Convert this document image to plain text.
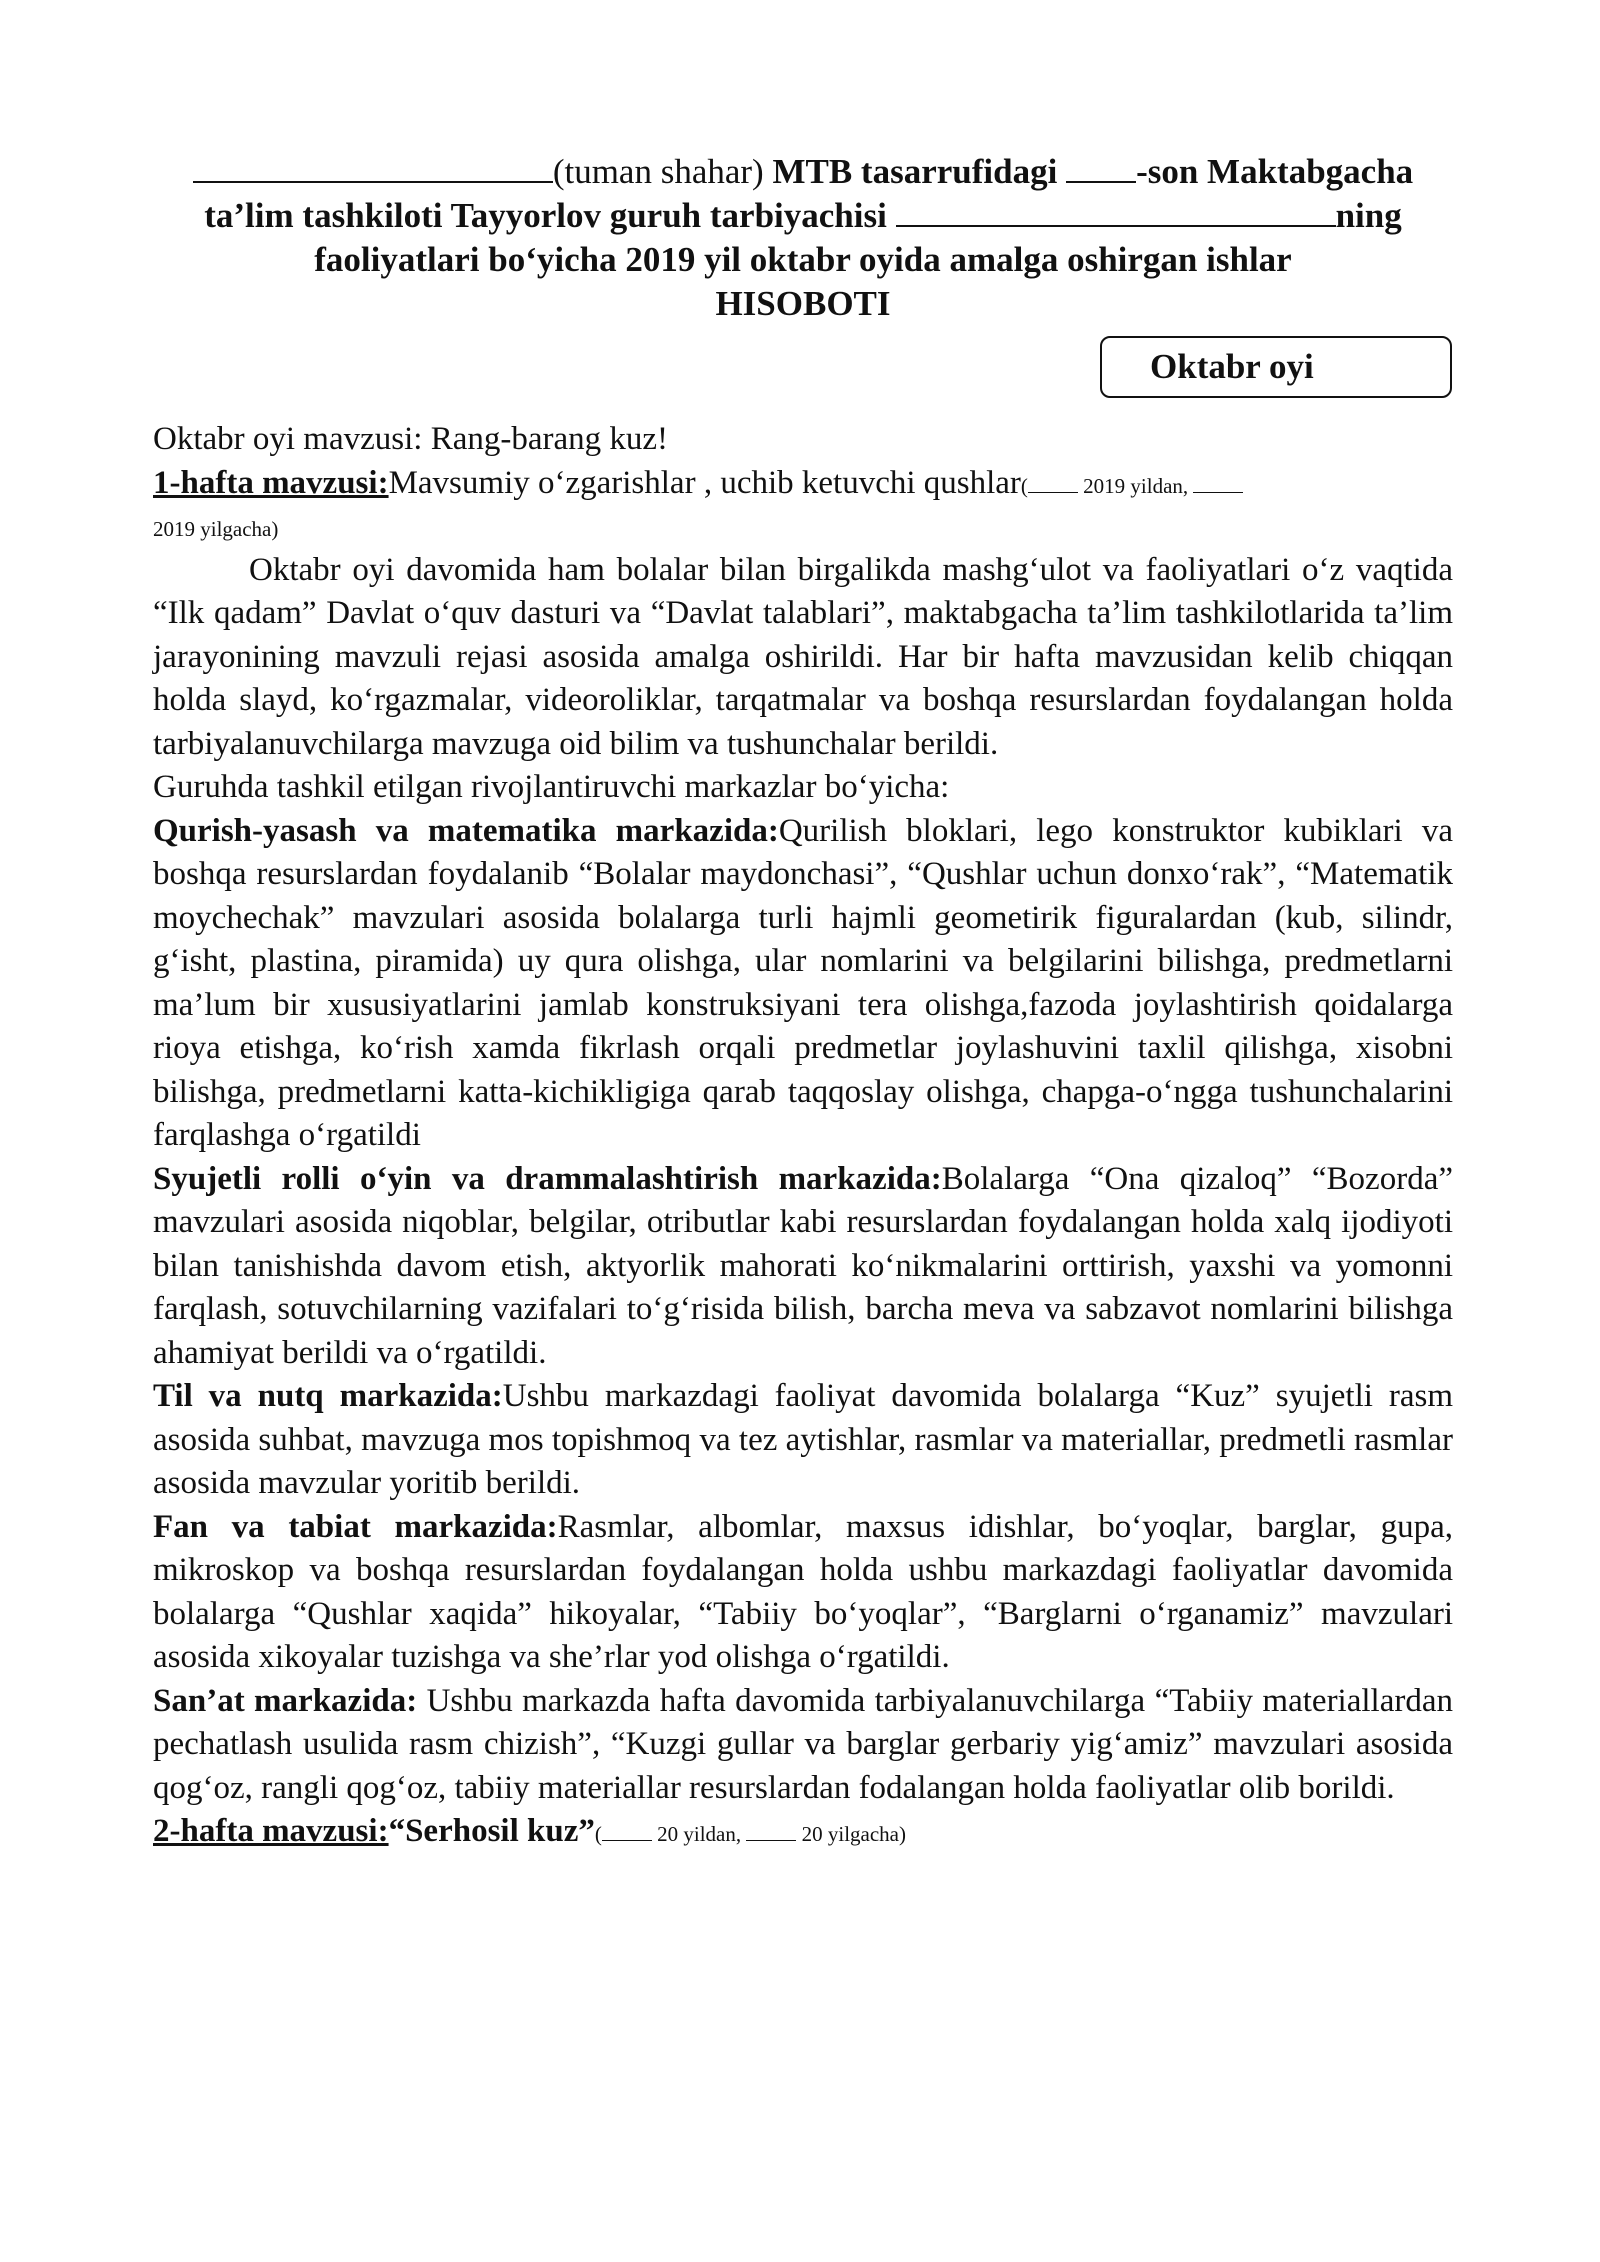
(tuman shahar) MTB tasarrufidagi -son Maktabgacha
ta’lim tashkiloti Tayyorlov guruh tarbiyachisi	ning
faoliyatlari bo‘yicha 2019 yil oktabr oyida amalga oshirgan ishlar
HISOBOTI
Oktabr oyi

Oktabr oyi mavzusi: Rang-barang kuz!

1-hafta mavzusi:Mavsumiy o‘zgarishlar , uchib ketuvchi qushlar( 2019 yildan,
2019 yilgacha)

Oktabr oyi davomida ham bolalar bilan birgalikda mashg‘ulot va faoliyatlari o‘z vaqtida “Ilk qadam” Davlat o‘quv dasturi va “Davlat talablari”, maktabgacha ta’lim tashkilotlarida ta’lim jarayonining mavzuli rejasi asosida amalga oshirildi. Har bir hafta mavzusidan kelib chiqqan holda slayd, ko‘rgazmalar, videoroliklar, tarqatmalar va boshqa resurslardan foydalangan holda tarbiyalanuvchilarga mavzuga oid bilim va tushunchalar berildi.

Guruhda tashkil etilgan rivojlantiruvchi markazlar bo‘yicha:

Qurish-yasash va matematika markazida:Qurilish bloklari, lego konstruktor kubiklari va boshqa resurslardan foydalanib “Bolalar maydonchasi”, “Qushlar uchun donxo‘rak”, “Matematik moychechak” mavzulari asosida bolalarga turli hajmli geometirik figuralardan (kub, silindr, g‘isht, plastina, piramida) uy qura olishga, ular nomlarini va belgilarini bilishga, predmetlarni ma’lum bir xususiyatlarini jamlab konstruksiyani tera olishga,fazoda joylashtirish qoidalarga rioya etishga, ko‘rish xamda fikrlash orqali predmetlar joylashuvini taxlil qilishga, xisobni bilishga, predmetlarni katta-kichikligiga qarab taqqoslay olishga, chapga-o‘ngga tushunchalarini farqlashga o‘rgatildi

Syujetli rolli o‘yin va drammalashtirish markazida:Bolalarga “Ona qizaloq” “Bozorda” mavzulari asosida niqoblar, belgilar, otributlar kabi resurslardan foydalangan holda xalq ijodiyoti bilan tanishishda davom etish, aktyorlik mahorati ko‘nikmalarini orttirish, yaxshi va yomonni farqlash, sotuvchilarning vazifalari to‘g‘risida bilish, barcha meva va sabzavot nomlarini bilishga ahamiyat berildi va o‘rgatildi.

Til va nutq markazida:Ushbu markazdagi faoliyat davomida bolalarga “Kuz” syujetli rasm asosida suhbat, mavzuga mos topishmoq va tez aytishlar, rasmlar va materiallar, predmetli rasmlar asosida mavzular yoritib berildi.

Fan va tabiat markazida:Rasmlar, albomlar, maxsus idishlar, bo‘yoqlar, barglar, gupa, mikroskop va boshqa resurslardan foydalangan holda ushbu markazdagi faoliyatlar davomida bolalarga “Qushlar xaqida” hikoyalar, “Tabiiy bo‘yoqlar”, “Barglarni o‘rganamiz” mavzulari asosida xikoyalar tuzishga va she’rlar yod olishga o‘rgatildi.

San’at markazida: Ushbu markazda hafta davomida tarbiyalanuvchilarga “Tabiiy materiallardan pechatlash usulida rasm chizish”, “Kuzgi gullar va barglar gerbariy yig‘amiz” mavzulari asosida qog‘oz, rangli qog‘oz, tabiiy materiallar resurslardan fodalangan holda faoliyatlar olib borildi.

2-hafta mavzusi:“Serhosil kuz”( 20 yildan,  20 yilgacha)
